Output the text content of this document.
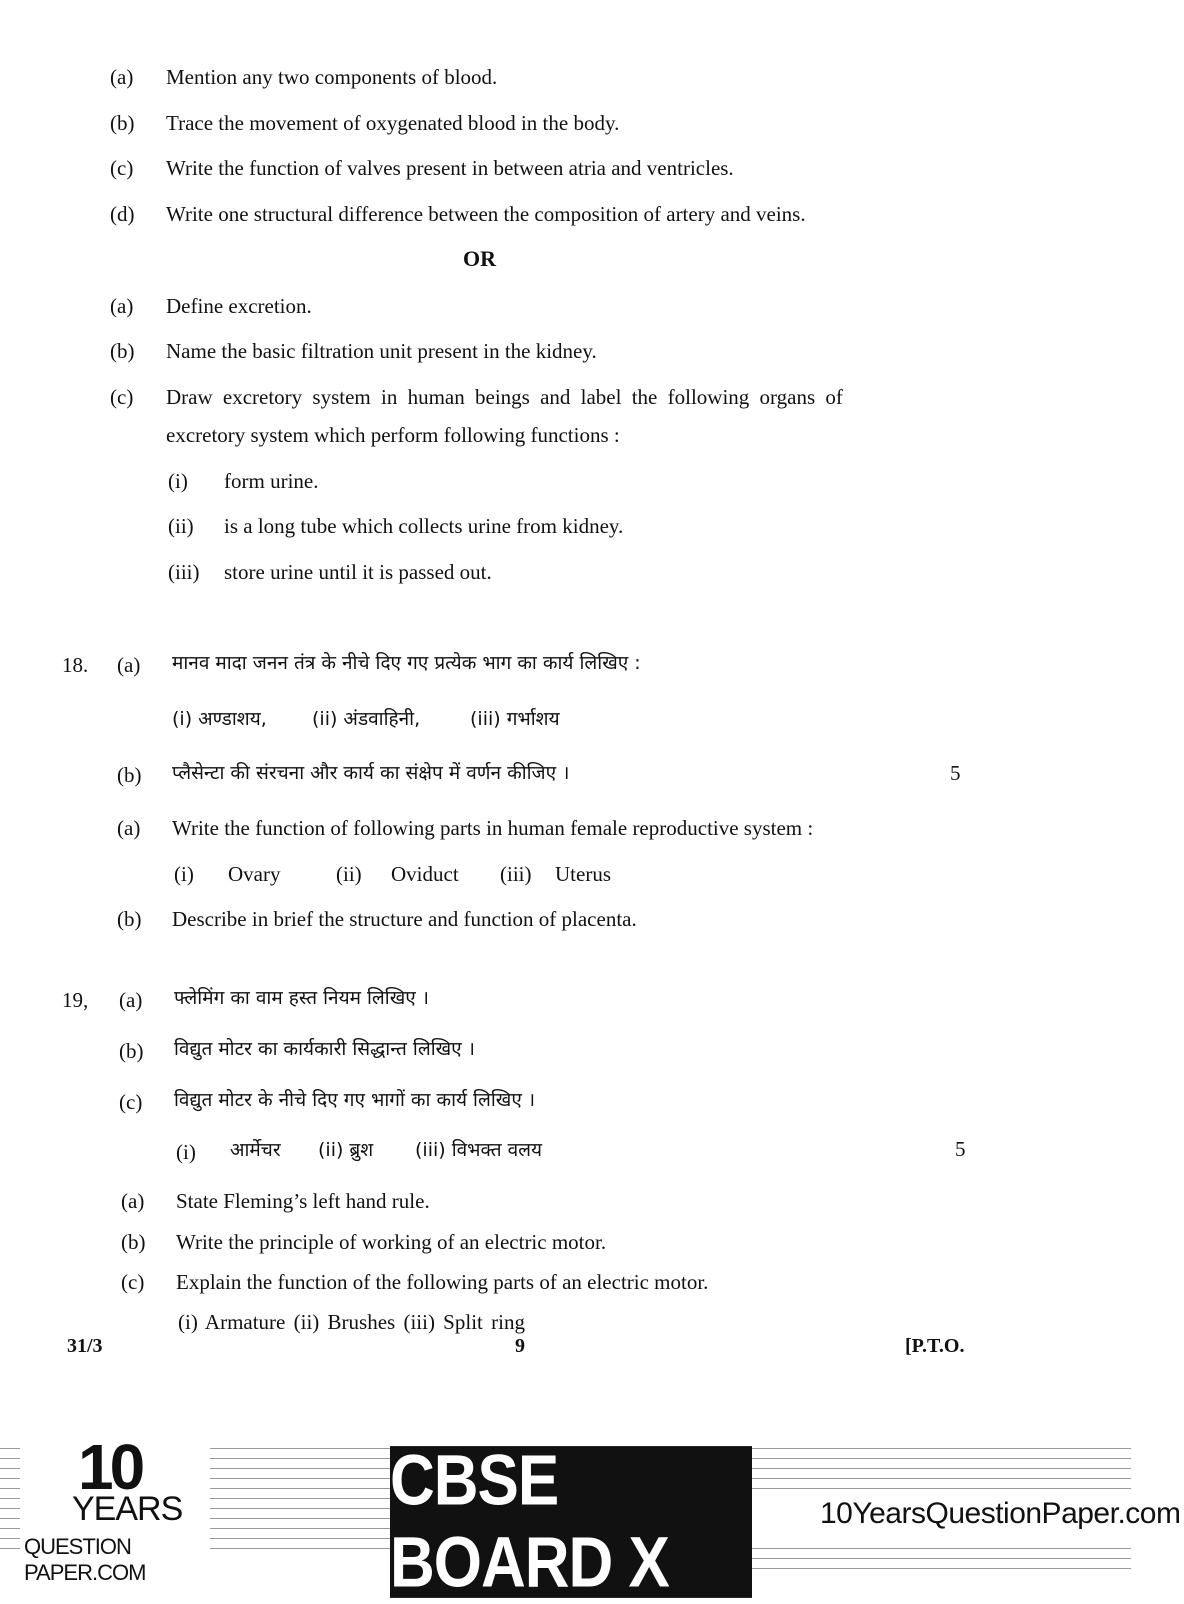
(a) Mention any two components of blood.
(b) Trace the movement of oxygenated blood in the body.
(c) Write the function of valves present in between atria and ventricles.
(d) Write one structural difference between the composition of artery and veins.
OR
(a) Define excretion.
(b) Name the basic filtration unit present in the kidney.
(c) Draw excretory system in human beings and label the following organs of
excretory system which perform following functions :
(i) form urine.
(ii) is a long tube which collects urine from kidney.
(iii) store urine until it is passed out.
18. (a) मानव मादा जनन तंत्र के नीचे दिए गए प्रत्येक भाग का कार्य लिखिए :
(i) अण्डाशय, (ii) अंडवाहिनी,	(iii) गर्भाशय
(b) प्लैसेन्टा की संरचना और कार्य का संक्षेप में वर्णन कीजिए ।	5
(a) Write the function of following parts in human female reproductive system :
(i) Ovary	(ii) Oviduct (iii) Uterus
(b) Describe in brief the structure and function of placenta.
19, (a) फ्लेमिंग का वाम हस्त नियम लिखिए ।
(b) विद्युत मोटर का कार्यकारी सिद्धान्त लिखिए ।
(c) विद्युत मोटर के नीचे दिए गए भागों का कार्य लिखिए ।
(i) आर्मेचर (ii) ब्रुश (iii) विभक्त वलय	5
(a) State Fleming’s left hand rule.
(b) Write the principle of working of an electric motor.
(c) Explain the function of the following parts of an electric motor.
(i) Armature (ii) Brushes (iii) Split ring
31/3	9	[P.T.O.
10
YEARS
QUESTION PAPER.COM
CBSE BOARD X
10YearsQuestionPaper.com
